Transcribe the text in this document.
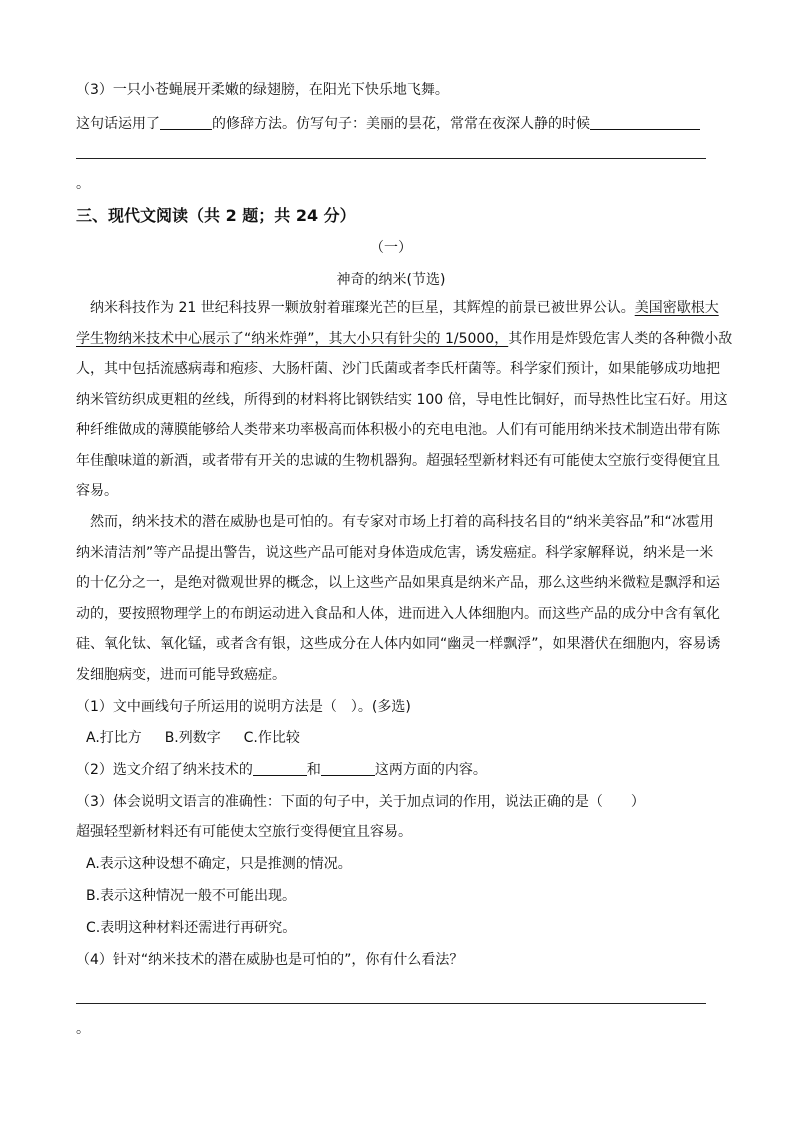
（3）一只小苍蝇展开柔嫩的绿翅膀，在阳光下快乐地飞舞。
这句话运用了	的修辞方法。仿写句子：美丽的昙花，常常在夜深人静的时候
。
三、现代文阅读（共 2 题；共 24 分）
（一）
神奇的纳米(节选)
　纳米科技作为 21 世纪科技界一颗放射着璀璨光芒的巨星，其辉煌的前景已被世界公认。美国密歇根大
学生物纳米技术中心展示了“纳米炸弹”，其大小只有针尖的 1/5000，其作用是炸毁危害人类的各种微小敌
人，其中包括流感病毒和疱疹、大肠杆菌、沙门氏菌或者李氏杆菌等。科学家们预计，如果能够成功地把
纳米管纺织成更粗的丝线，所得到的材料将比钢铁结实 100 倍，导电性比铜好，而导热性比宝石好。用这
种纤维做成的薄膜能够给人类带来功率极高而体积极小的充电电池。人们有可能用纳米技术制造出带有陈
年佳酿味道的新酒，或者带有开关的忠诚的生物机器狗。超强轻型新材料还有可能使太空旅行变得便宜且
容易。
　然而，纳米技术的潜在威胁也是可怕的。有专家对市场上打着的高科技名目的“纳米美容品”和“冰雹用
纳米清洁剂”等产品提出警告，说这些产品可能对身体造成危害，诱发癌症。科学家解释说，纳米是一米
的十亿分之一，是绝对微观世界的概念，以上这些产品如果真是纳米产品，那么这些纳米微粒是飘浮和运
动的，要按照物理学上的布朗运动进入食品和人体，进而进入人体细胞内。而这些产品的成分中含有氧化
硅、氧化钛、氧化锰，或者含有银，这些成分在人体内如同“幽灵一样飘浮”，如果潜伏在细胞内，容易诱
发细胞病变，进而可能导致癌症。
（1）文中画线句子所运用的说明方法是（　）。(多选)
A.打比方 B.列数字 C.作比较
（2）选文介绍了纳米技术的	和	这两方面的内容。
（3）体会说明文语言的准确性：下面的句子中，关于加点词的作用，说法正确的是（　　）
超强轻型新材料还有可能使太空旅行变得便宜且容易。
A.表示这种设想不确定，只是推测的情况。
B.表示这种情况一般不可能出现。
C.表明这种材料还需进行再研究。
（4）针对“纳米技术的潜在威胁也是可怕的”，你有什么看法？
。
